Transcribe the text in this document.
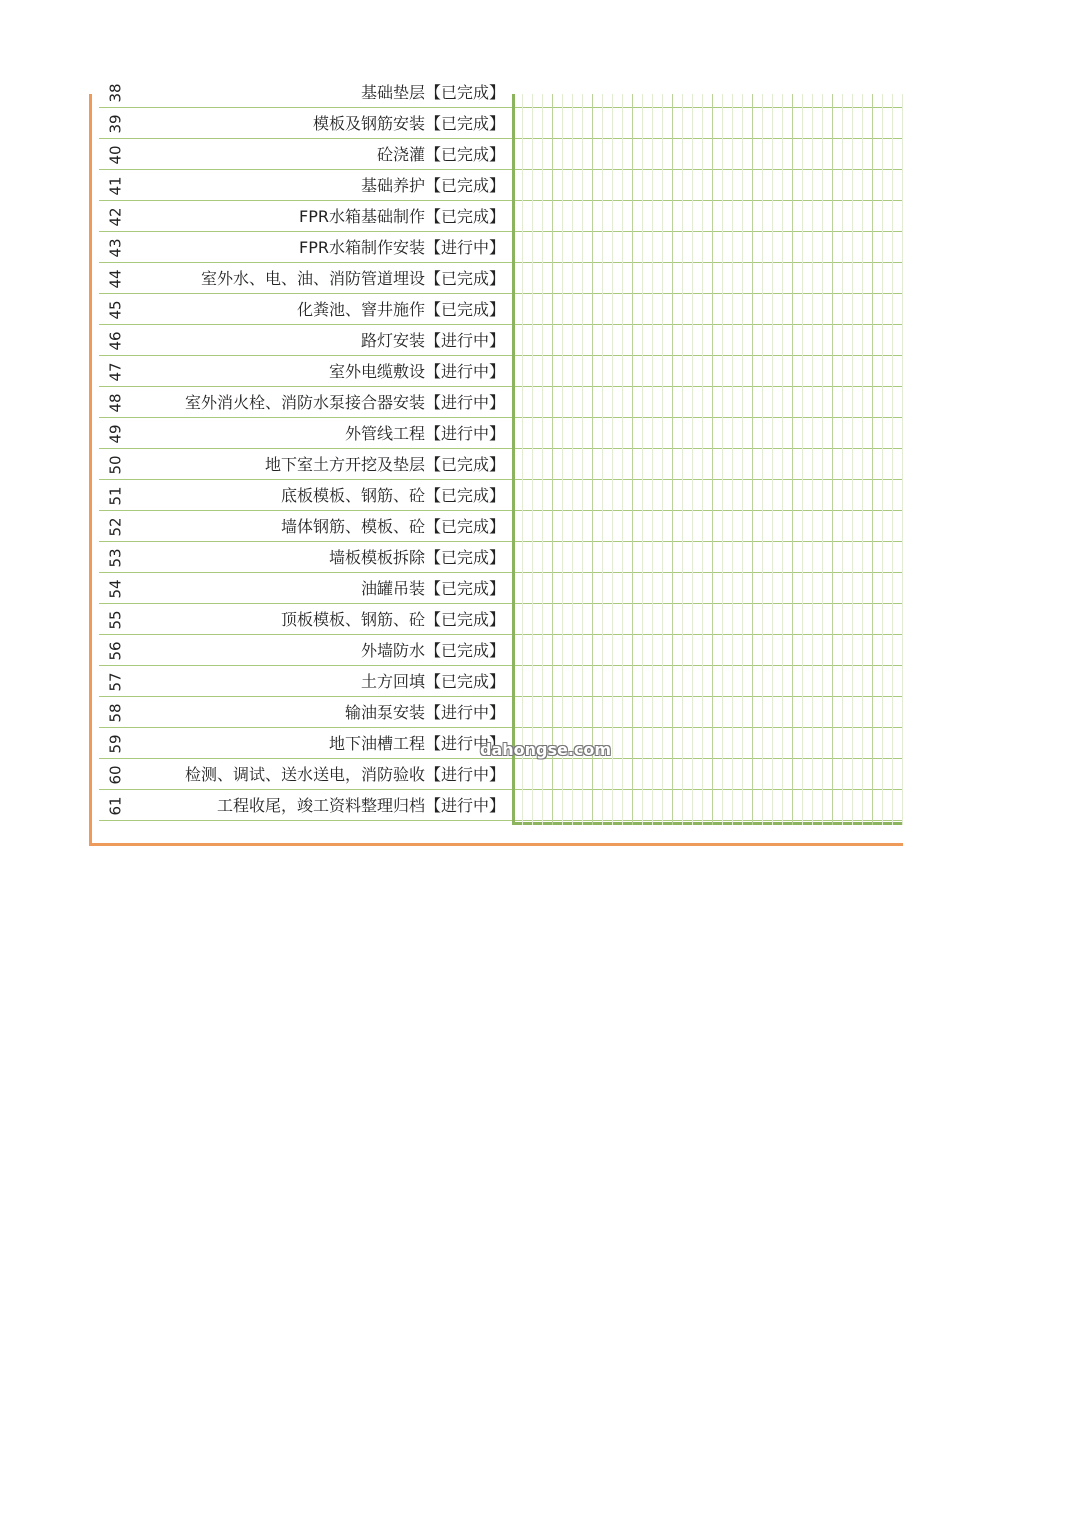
38	基础垫层【已完成】
39	模板及钢筋安装【已完成】
40	砼浇灌【已完成】
41	基础养护【已完成】
42	FPR水箱基础制作【已完成】
43	FPR水箱制作安装【进行中】
44	室外水、电、油、消防管道埋设【已完成】
45	化粪池、窨井施作【已完成】
46	路灯安装【进行中】
47	室外电缆敷设【进行中】
48	室外消火栓、消防水泵接合器安装【进行中】
49	外管线工程【进行中】
50	地下室土方开挖及垫层【已完成】
51	底板模板、钢筋、砼【已完成】
52	墙体钢筋、模板、砼【已完成】
53	墙板模板拆除【已完成】
54	油罐吊装【已完成】
55	顶板模板、钢筋、砼【已完成】
56	外墙防水【已完成】
57	土方回填【已完成】
58	输油泵安装【进行中】
59	地下油槽工程【进行中】
60	检测、调试、送水送电，消防验收【进行中】
61	工程收尾，竣工资料整理归档【进行中】
dahongse.com
